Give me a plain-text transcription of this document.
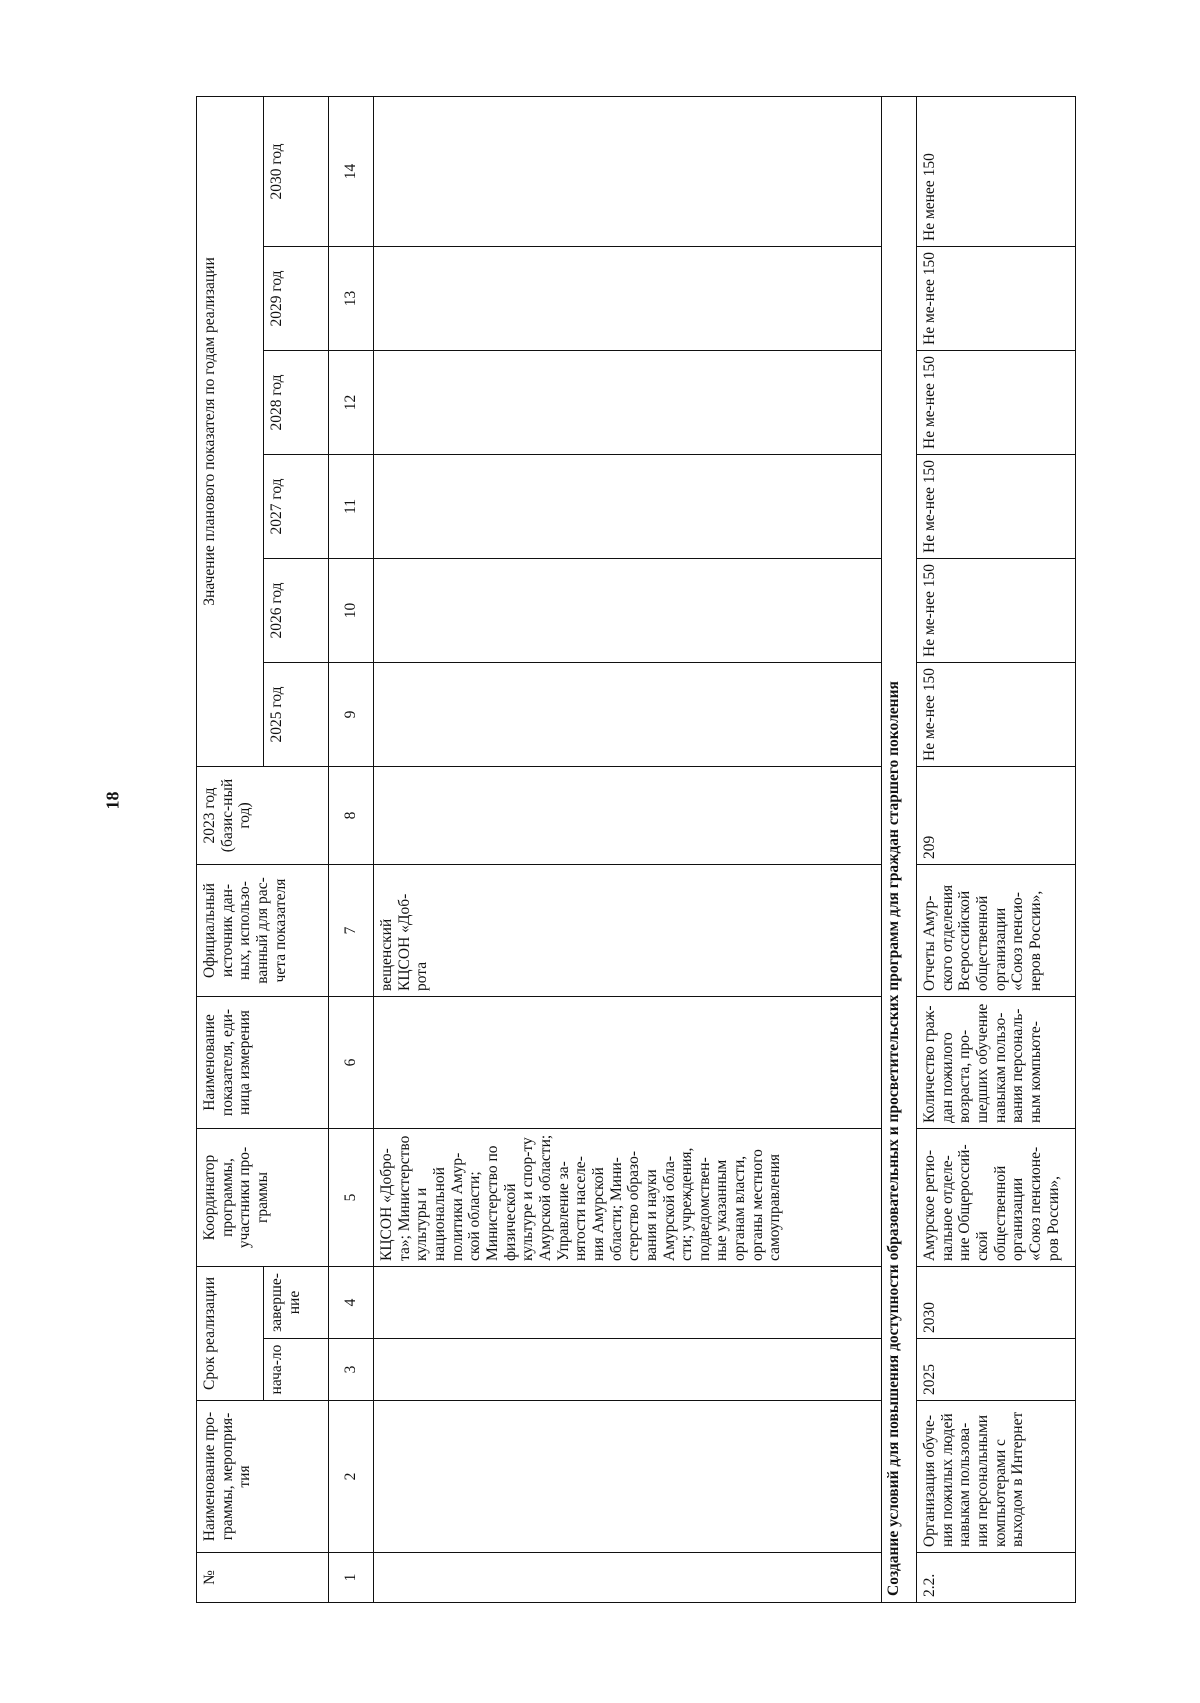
18
№	Наименование про-граммы, мероприя-тия	Срок реализации		Координатор программы, участники про-граммы	Наименование показателя, еди-ница измерения	Официальный источник дан-ных, использо-ванный для рас-чета показателя	2023 год (базис-ный год)	Значение планового показателя по годам реализации					
		нача-ло	заверше-ние					2025 год	2026 год	2027 год	2028 год	2029 год	2030 год
1	2	3	4	5	6	7	8	9	10	11	12	13	14
				КЦСОН «Добро-та»; Министерство культуры и национальной политики Амур-ской области; Министерство по физической культуре и спор-ту Амурской области; Управление за-нятости населе-ния Амурской области; Мини-стерство образо-вания и науки Амурской обла-сти; учреждения, подведомствен-ные указанным органам власти, органы местного самоуправления		вещенский КЦСОН «Доб-рота							
Создание условий для повышения доступности образовательных и просветительских программ для граждан старшего поколения													
2.2.	Организация обуче-ния пожилых людей навыкам пользова-ния персональными компьютерами с выходом в Интернет	2025	2030	Амурское регио-нальное отделе-ние Общероссий-ской общественной организации «Союз пенсионе-ров России»,	Количество граж-дан пожилого возраста, про-шедших обучение навыкам пользо-вания персональ-ным компьюте-	Отчеты Амур-ского отделения Всероссийской общественной организации «Союз пенсио-неров России»,	209	Не ме-нее 150	Не ме-нее 150	Не ме-нее 150	Не ме-нее 150	Не ме-нее 150	Не менее 150
